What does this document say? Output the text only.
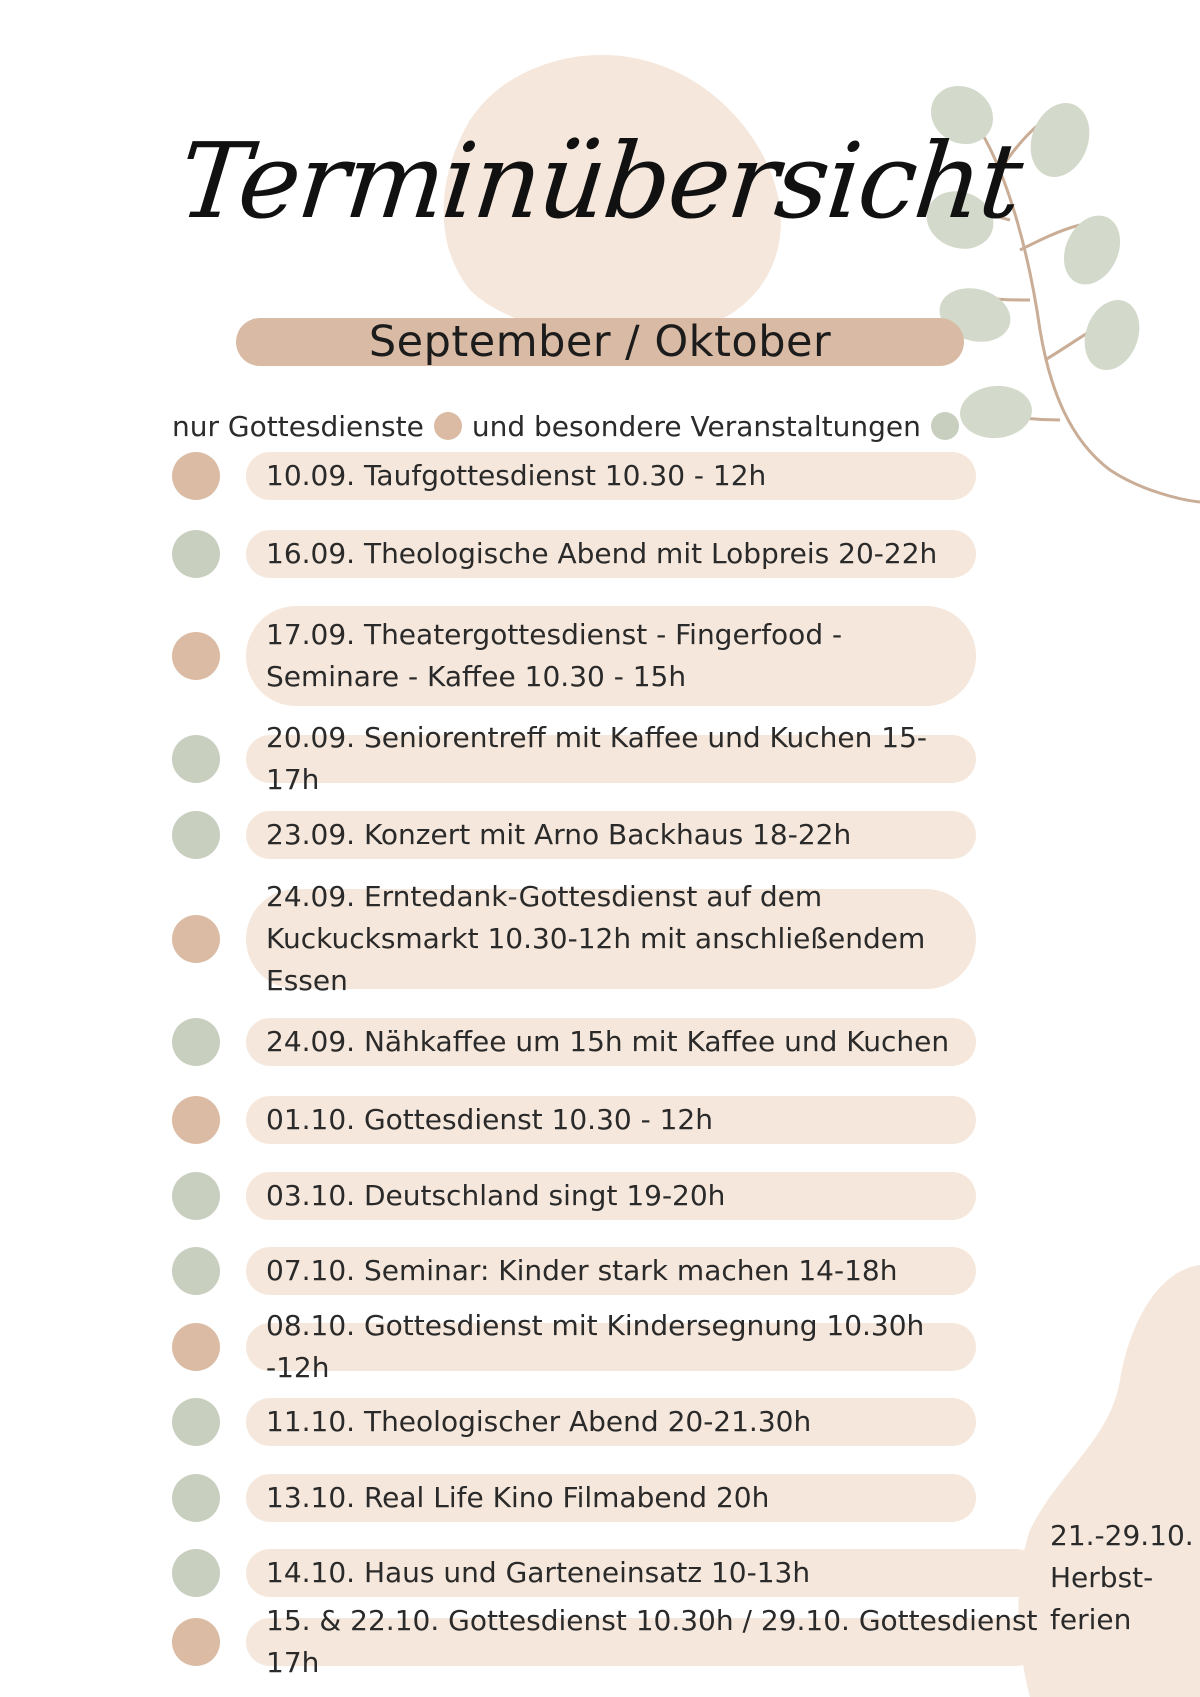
Terminübersicht
September / Oktober
nur Gottesdienste und besondere Veranstaltungen
10.09. Taufgottesdienst 10.30 - 12h
16.09. Theologische Abend mit Lobpreis 20-22h
17.09. Theatergottesdienst - Fingerfood -
Seminare - Kaffee 10.30 - 15h
20.09. Seniorentreff mit Kaffee und Kuchen 15-17h
23.09. Konzert mit Arno Backhaus 18-22h
24.09. Erntedank-Gottesdienst auf dem
Kuckucksmarkt 10.30-12h mit anschließendem Essen
24.09. Nähkaffee um 15h mit Kaffee und Kuchen
01.10. Gottesdienst 10.30 - 12h
03.10. Deutschland singt 19-20h
07.10. Seminar: Kinder stark machen 14-18h
08.10. Gottesdienst mit Kindersegnung 10.30h -12h
11.10. Theologischer Abend 20-21.30h
13.10. Real Life Kino Filmabend 20h
14.10. Haus und Garteneinsatz 10-13h
15. & 22.10. Gottesdienst 10.30h / 29.10. Gottesdienst 17h
21.-29.10.
Herbst-
ferien
